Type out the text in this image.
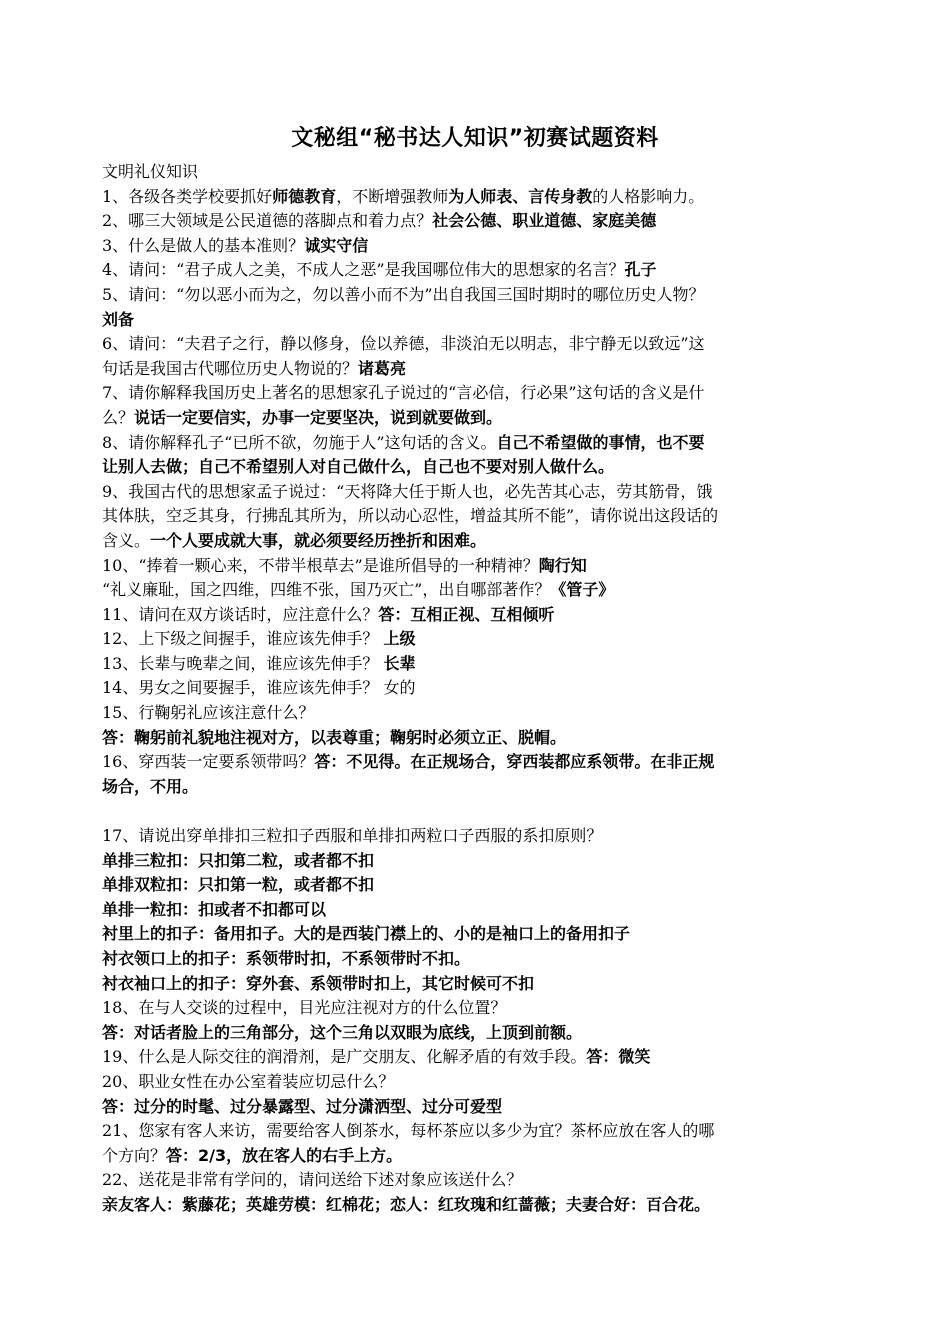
文秘组“秘书达人知识”初赛试题资料
文明礼仪知识
1、各级各类学校要抓好师德教育，不断增强教师为人师表、言传身教的人格影响力。
2、哪三大领域是公民道德的落脚点和着力点？社会公德、职业道德、家庭美德
3、什么是做人的基本准则？诚实守信
4、请问：“君子成人之美，不成人之恶”是我国哪位伟大的思想家的名言？孔子
5、请问：“勿以恶小而为之，勿以善小而不为”出自我国三国时期时的哪位历史人物？
刘备
6、请问：“夫君子之行，静以修身，俭以养德，非淡泊无以明志，非宁静无以致远”这
句话是我国古代哪位历史人物说的？诸葛亮
7、请你解释我国历史上著名的思想家孔子说过的“言必信，行必果”这句话的含义是什
么？说话一定要信实，办事一定要坚决，说到就要做到。
8、请你解释孔子“已所不欲，勿施于人”这句话的含义。自己不希望做的事情，也不要
让别人去做；自己不希望别人对自己做什么，自己也不要对别人做什么。
9、我国古代的思想家孟子说过：“天将降大任于斯人也，必先苦其心志，劳其筋骨，饿
其体肤，空乏其身，行拂乱其所为，所以动心忍性，增益其所不能”，请你说出这段话的
含义。一个人要成就大事，就必须要经历挫折和困难。
10、“捧着一颗心来，不带半根草去”是谁所倡导的一种精神？陶行知
“礼义廉耻，国之四维，四维不张，国乃灭亡”，出自哪部著作？《管子》
11、请问在双方谈话时，应注意什么？答：互相正视、互相倾听
12、上下级之间握手，谁应该先伸手？ 上级
13、长辈与晚辈之间，谁应该先伸手？ 长辈
14、男女之间要握手，谁应该先伸手？ 女的
15、行鞠躬礼应该注意什么？
答：鞠躬前礼貌地注视对方，以表尊重；鞠躬时必须立正、脱帽。
16、穿西装一定要系领带吗？答：不见得。在正规场合，穿西装都应系领带。在非正规
场合，不用。
17、请说出穿单排扣三粒扣子西服和单排扣两粒口子西服的系扣原则？
单排三粒扣：只扣第二粒，或者都不扣
单排双粒扣：只扣第一粒，或者都不扣
单排一粒扣：扣或者不扣都可以
衬里上的扣子：备用扣子。大的是西装门襟上的、小的是袖口上的备用扣子
衬衣领口上的扣子：系领带时扣，不系领带时不扣。
衬衣袖口上的扣子：穿外套、系领带时扣上，其它时候可不扣
18、在与人交谈的过程中，目光应注视对方的什么位置？
答：对话者脸上的三角部分，这个三角以双眼为底线，上顶到前额。
19、什么是人际交往的润滑剂，是广交朋友、化解矛盾的有效手段。答：微笑
20、职业女性在办公室着装应切忌什么？
答：过分的时髦、过分暴露型、过分潇洒型、过分可爱型
21、您家有客人来访，需要给客人倒茶水，每杯茶应以多少为宜？茶杯应放在客人的哪
个方向？答：2/3，放在客人的右手上方。
22、送花是非常有学问的，请问送给下述对象应该送什么？
亲友客人：紫藤花；英雄劳模：红棉花；恋人：红玫瑰和红蔷薇；夫妻合好：百合花。
